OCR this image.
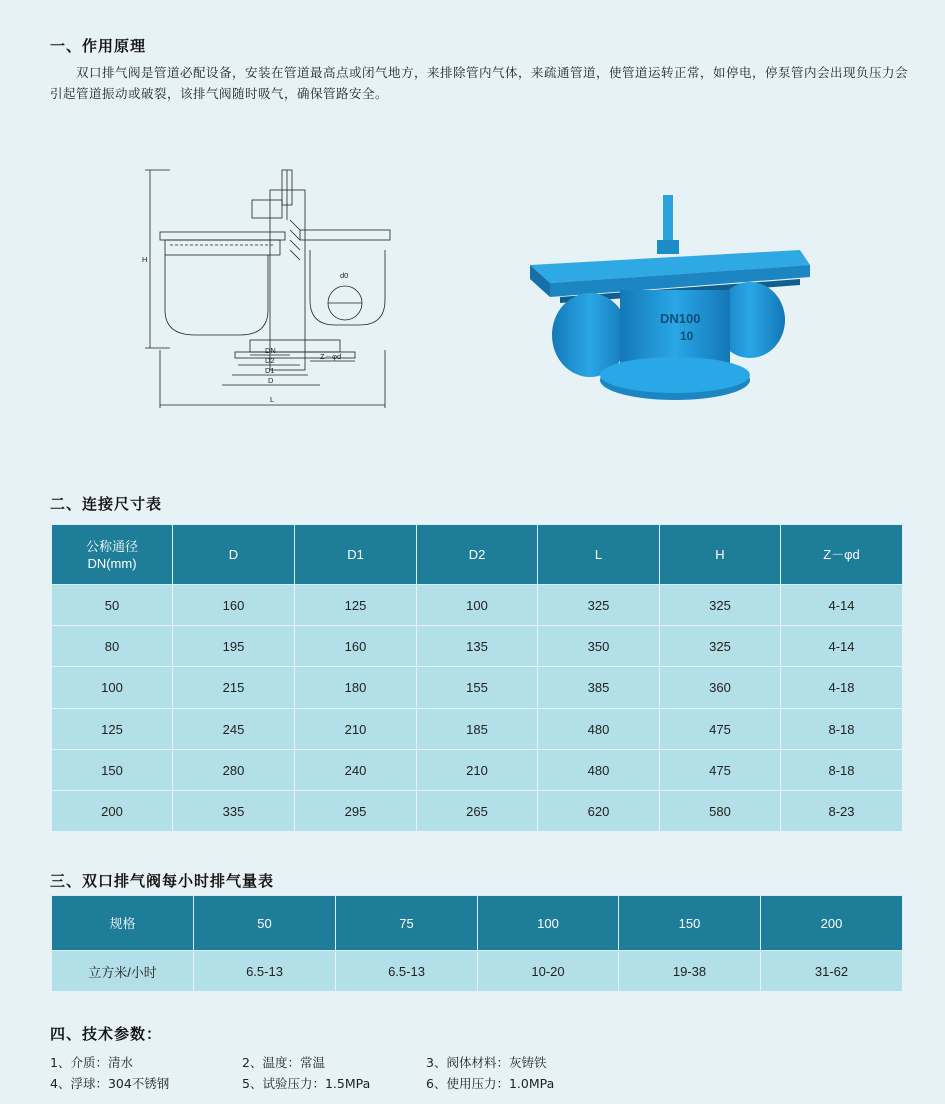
一、作用原理
双口排气阀是管道必配设备，安装在管道最高点或闭气地方，来排除管内气体，来疏通管道，使管道运转正常，如停电，停泵管内会出现负压力会引起管道振动或破裂，该排气阀随时吸气，确保管路安全。
H
DN
D2
D1
D
L
Z－φd
d0
DN100
10
二、连接尺寸表
公称通径
DN(mm)	D	D1	D2	L	H	Z－φd
50	160	125	100	325	325	4-14
80	195	160	135	350	325	4-14
100	215	180	155	385	360	4-18
125	245	210	185	480	475	8-18
150	280	240	210	480	475	8-18
200	335	295	265	620	580	8-23
三、双口排气阀每小时排气量表
规格	50	75	100	150	200
立方米/小时	6.5-13	6.5-13	10-20	19-38	31-62
四、技术参数：
1、介质：清水	2、温度：常温	3、阀体材料：灰铸铁
4、浮球：304不锈钢	5、试验压力：1.5MPa	6、使用压力：1.0MPa
